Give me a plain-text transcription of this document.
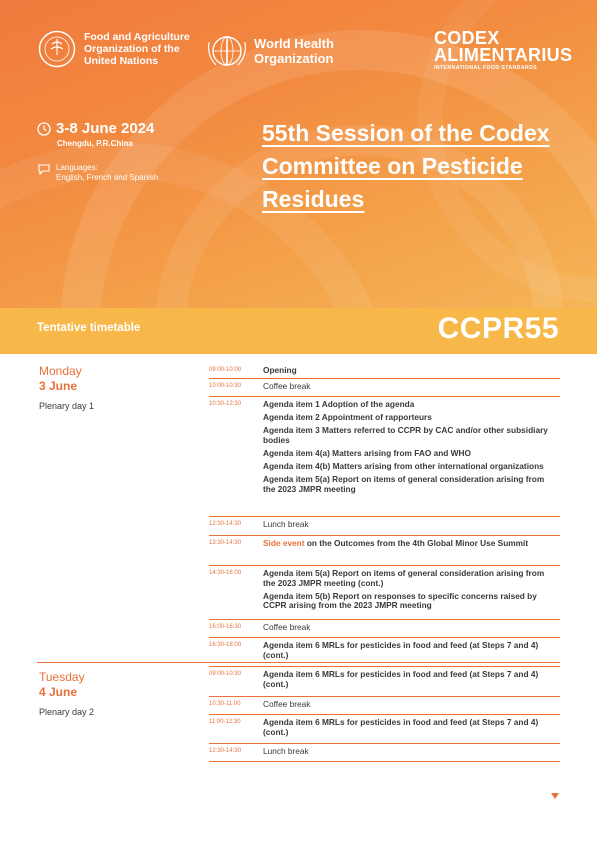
Food and Agriculture Organization of the United Nations
World Health Organization
CODEX ALIMENTARIUS
INTERNATIONAL FOOD STANDARDS
3-8 June 2024
Chengdu, P.R.China
Languages:
English, French and Spanish
55th Session of the Codex Committee on Pesticide Residues
Tentative timetable	CCPR55
Monday
3 June
Plenary day 1
Tuesday
4 June
Plenary day 2
09:00-10:00	Opening
10:00-10:30	Coffee break
10:30-12:30	Agenda item 1 Adoption of the agenda
Agenda item 2 Appointment of rapporteurs
Agenda item 3 Matters referred to CCPR by CAC and/or other subsidiary bodies
Agenda item 4(a) Matters arising from FAO and WHO
Agenda item 4(b) Matters arising from other international organizations
Agenda item 5(a) Report on items of general consideration arising from the 2023 JMPR meeting
12:30-14:30	Lunch break
13:30-14:30	Side event on the Outcomes from the 4th Global Minor Use Summit
14:30-16:00	Agenda item 5(a) Report on items of general consideration arising from the 2023 JMPR meeting (cont.)
Agenda item 5(b) Report on responses to specific concerns raised by CCPR arising from the 2023 JMPR meeting
16:00-16:30	Coffee break
16:30-18:00	Agenda item 6 MRLs for pesticides in food and feed (at Steps 7 and 4) (cont.)
09:00-10:30	Agenda item 6 MRLs for pesticides in food and feed (at Steps 7 and 4) (cont.)
10:30-11:00	Coffee break
11:00-12:30	Agenda item 6 MRLs for pesticides in food and feed (at Steps 7 and 4) (cont.)
12:30-14:30	Lunch break
